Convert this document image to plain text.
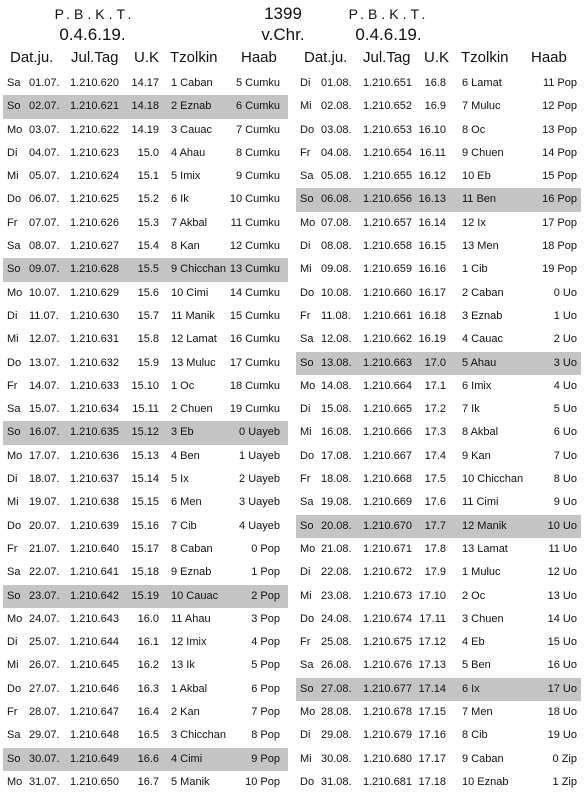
P.B.K.T.
0.4.6.19.
1399
v.Chr.
P.B.K.T.
0.4.6.19.
Dat.ju. Jul.Tag U.K Tzolkin Haab Dat.ju. Jul.Tag U.K Tzolkin Haab
Sa 01.07. 1.210.620 14.17 1 Caban 5 Cumku
So 02.07. 1.210.621 14.18 2 Eznab 6 Cumku
Mo 03.07. 1.210.622 14.19 3 Cauac 7 Cumku
Di 04.07. 1.210.623 15.0 4 Ahau	8 Cumku
Mi 05.07. 1.210.624 15.1 5 Imix	9 Cumku
Do 06.07. 1.210.625 15.2 6 Ik	10 Cumku
Fr 07.07. 1.210.626 15.3 7 Akbal 11 Cumku
Sa 08.07. 1.210.627 15.4 8 Kan	12 Cumku
So 09.07. 1.210.628 15.5 9 Chicchan 13 Cumku
Mo 10.07. 1.210.629 15.6 10 Cimi 14 Cumku
Di 11.07. 1.210.630 15.7 11 Manik 15 Cumku
Mi 12.07. 1.210.631 15.8 12 Lamat 16 Cumku
Do 13.07. 1.210.632 15.9 13 Muluc 17 Cumku
Fr 14.07. 1.210.633 15.10 1 Oc	18 Cumku
Sa 15.07. 1.210.634 15.11 2 Chuen 19 Cumku
So 16.07. 1.210.635 15.12 3 Eb	0 Uayeb
Mo 17.07. 1.210.636 15.13 4 Ben	1 Uayeb
Di 18.07. 1.210.637 15.14 5 Ix	2 Uayeb
Mi 19.07. 1.210.638 15.15 6 Men	3 Uayeb
Do 20.07. 1.210.639 15.16 7 Cib	4 Uayeb
Fr 21.07. 1.210.640 15.17 8 Caban	0 Pop
Sa 22.07. 1.210.641 15.18 9 Eznab	1 Pop
So 23.07. 1.210.642 15.19 10 Cauac	2 Pop
Mo 24.07. 1.210.643 16.0 11 Ahau	3 Pop
Di 25.07. 1.210.644 16.1 12 Imix	4 Pop
Mi 26.07. 1.210.645 16.2 13 Ik	5 Pop
Do 27.07. 1.210.646 16.3 1 Akbal	6 Pop
Fr 28.07. 1.210.647 16.4 2 Kan	7 Pop
Sa 29.07. 1.210.648 16.5 3 Chicchan 8 Pop
So 30.07. 1.210.649 16.6 4 Cimi	9 Pop
Mo 31.07. 1.210.650 16.7 5 Manik	10 Pop
Di 01.08. 1.210.651 16.8 6 Lamat	11 Pop
Mi 02.08. 1.210.652 16.9 7 Muluc	12 Pop
Do 03.08. 1.210.653 16.10 8 Oc	13 Pop
Fr 04.08. 1.210.654 16.11 9 Chuen	14 Pop
Sa 05.08. 1.210.655 16.12 10 Eb	15 Pop
So 06.08. 1.210.656 16.13 11 Ben	16 Pop
Mo 07.08. 1.210.657 16.14 12 Ix	17 Pop
Di 08.08. 1.210.658 16.15 13 Men	18 Pop
Mi 09.08. 1.210.659 16.16 1 Cib	19 Pop
Do 10.08. 1.210.660 16.17 2 Caban	0 Uo
Fr 11.08. 1.210.661 16.18 3 Eznab	1 Uo
Sa 12.08. 1.210.662 16.19 4 Cauac	2 Uo
So 13.08. 1.210.663 17.0 5 Ahau	3 Uo
Mo 14.08. 1.210.664 17.1 6 Imix	4 Uo
Di 15.08. 1.210.665 17.2 7 Ik	5 Uo
Mi 16.08. 1.210.666 17.3 8 Akbal	6 Uo
Do 17.08. 1.210.667 17.4 9 Kan	7 Uo
Fr 18.08. 1.210.668 17.5 10 Chicchan	8 Uo
Sa 19.08. 1.210.669 17.6 11 Cimi	9 Uo
So 20.08. 1.210.670 17.7 12 Manik	10 Uo
Mo 21.08. 1.210.671 17.8 13 Lamat	11 Uo
Di 22.08. 1.210.672 17.9 1 Muluc	12 Uo
Mi 23.08. 1.210.673 17.10 2 Oc	13 Uo
Do 24.08. 1.210.674 17.11 3 Chuen	14 Uo
Fr 25.08. 1.210.675 17.12 4 Eb	15 Uo
Sa 26.08. 1.210.676 17.13 5 Ben	16 Uo
So 27.08. 1.210.677 17.14 6 Ix	17 Uo
Mo 28.08. 1.210.678 17.15 7 Men	18 Uo
Di 29.08. 1.210.679 17.16 8 Cib	19 Uo
Mi 30.08. 1.210.680 17.17 9 Caban	0 Zip
Do 31.08. 1.210.681 17.18 10 Eznab	1 Zip
